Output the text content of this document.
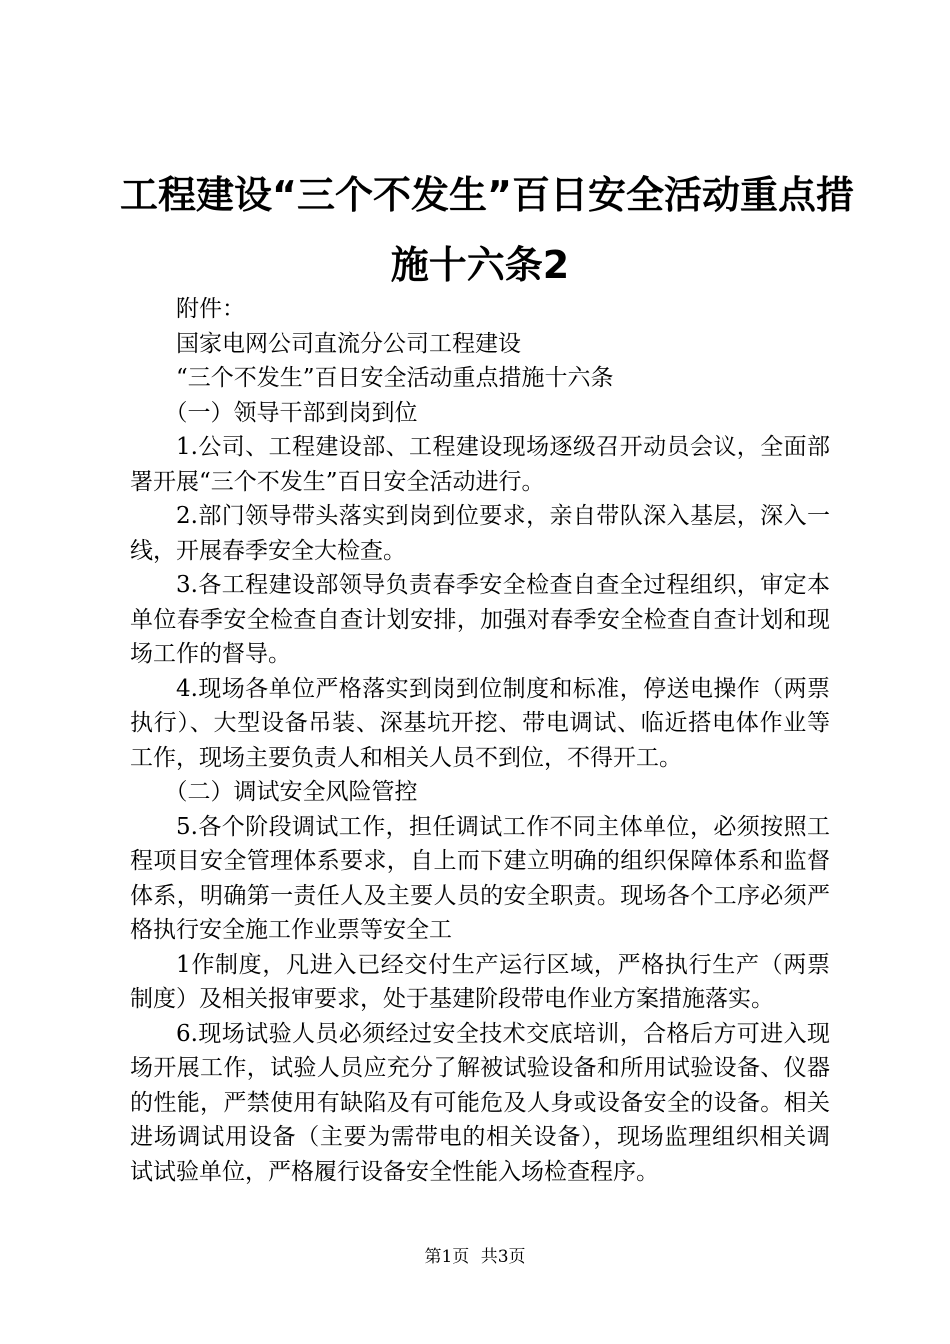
工程建设“三个不发生”百日安全活动重点措
施十六条2

附件：

国家电网公司直流分公司工程建设

“三个不发生”百日安全活动重点措施十六条

（一）领导干部到岗到位

1.公司、工程建设部、工程建设现场逐级召开动员会议，全面部署开展“三个不发生”百日安全活动进行。

2.部门领导带头落实到岗到位要求，亲自带队深入基层，深入一线，开展春季安全大检查。

3.各工程建设部领导负责春季安全检查自查全过程组织，审定本单位春季安全检查自查计划安排，加强对春季安全检查自查计划和现场工作的督导。

4.现场各单位严格落实到岗到位制度和标准，停送电操作（两票执行）、大型设备吊装、深基坑开挖、带电调试、临近搭电体作业等工作，现场主要负责人和相关人员不到位，不得开工。

（二）调试安全风险管控

5.各个阶段调试工作，担任调试工作不同主体单位，必须按照工程项目安全管理体系要求，自上而下建立明确的组织保障体系和监督体系，明确第一责任人及主要人员的安全职责。现场各个工序必须严格执行安全施工作业票等安全工

1作制度，凡进入已经交付生产运行区域，严格执行生产（两票制度）及相关报审要求，处于基建阶段带电作业方案措施落实。

6.现场试验人员必须经过安全技术交底培训，合格后方可进入现场开展工作，试验人员应充分了解被试验设备和所用试验设备、仪器的性能，严禁使用有缺陷及有可能危及人身或设备安全的设备。相关进场调试用设备（主要为需带电的相关设备），现场监理组织相关调试试验单位，严格履行设备安全性能入场检查程序。

第1页 共3页
